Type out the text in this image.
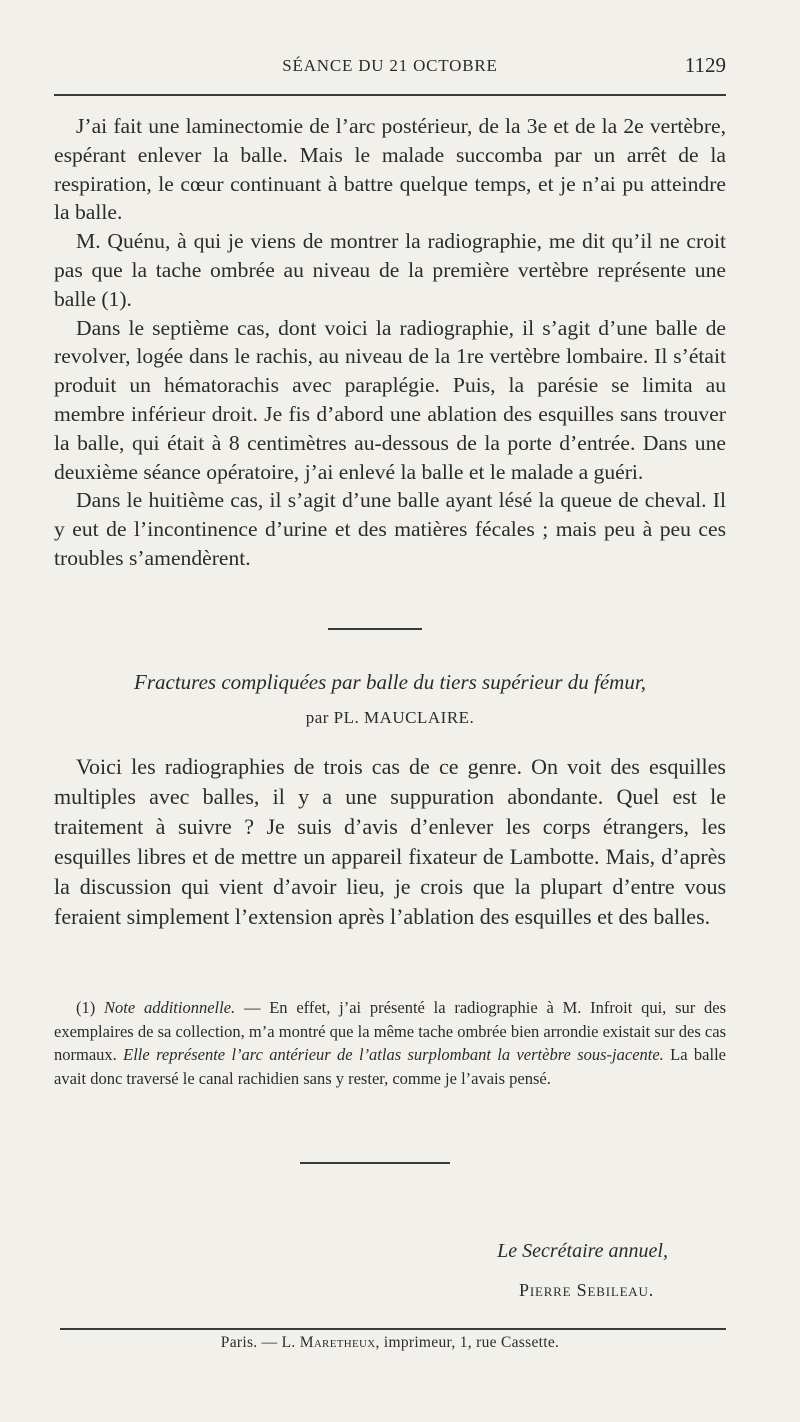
SÉANCE DU 21 OCTOBRE	1129

J’ai fait une laminectomie de l’arc postérieur, de la 3e et de la 2e vertèbre, espérant enlever la balle. Mais le malade succomba par un arrêt de la respiration, le cœur continuant à battre quelque temps, et je n’ai pu atteindre la balle.

M. Quénu, à qui je viens de montrer la radiographie, me dit qu’il ne croit pas que la tache ombrée au niveau de la première vertèbre représente une balle (1).

Dans le septième cas, dont voici la radiographie, il s’agit d’une balle de revolver, logée dans le rachis, au niveau de la 1re vertèbre lombaire. Il s’était produit un hématorachis avec paraplégie. Puis, la parésie se limita au membre inférieur droit. Je fis d’abord une ablation des esquilles sans trouver la balle, qui était à 8 centimètres au-dessous de la porte d’entrée. Dans une deuxième séance opératoire, j’ai enlevé la balle et le malade a guéri.

Dans le huitième cas, il s’agit d’une balle ayant lésé la queue de cheval. Il y eut de l’incontinence d’urine et des matières fécales ; mais peu à peu ces troubles s’amendèrent.

Fractures compliquées par balle du tiers supérieur du fémur,
par PL. MAUCLAIRE.

Voici les radiographies de trois cas de ce genre. On voit des esquilles multiples avec balles, il y a une suppuration abondante. Quel est le traitement à suivre ? Je suis d’avis d’enlever les corps étrangers, les esquilles libres et de mettre un appareil fixateur de Lambotte. Mais, d’après la discussion qui vient d’avoir lieu, je crois que la plupart d’entre vous feraient simplement l’extension après l’ablation des esquilles et des balles.

(1) Note additionnelle. — En effet, j’ai présenté la radiographie à M. Infroit qui, sur des exemplaires de sa collection, m’a montré que la même tache ombrée bien arrondie existait sur des cas normaux. Elle représente l’arc antérieur de l’atlas surplombant la vertèbre sous-jacente. La balle avait donc traversé le canal rachidien sans y rester, comme je l’avais pensé.

Le Secrétaire annuel,
Pierre Sebileau.
Paris. — L. Maretheux, imprimeur, 1, rue Cassette.
